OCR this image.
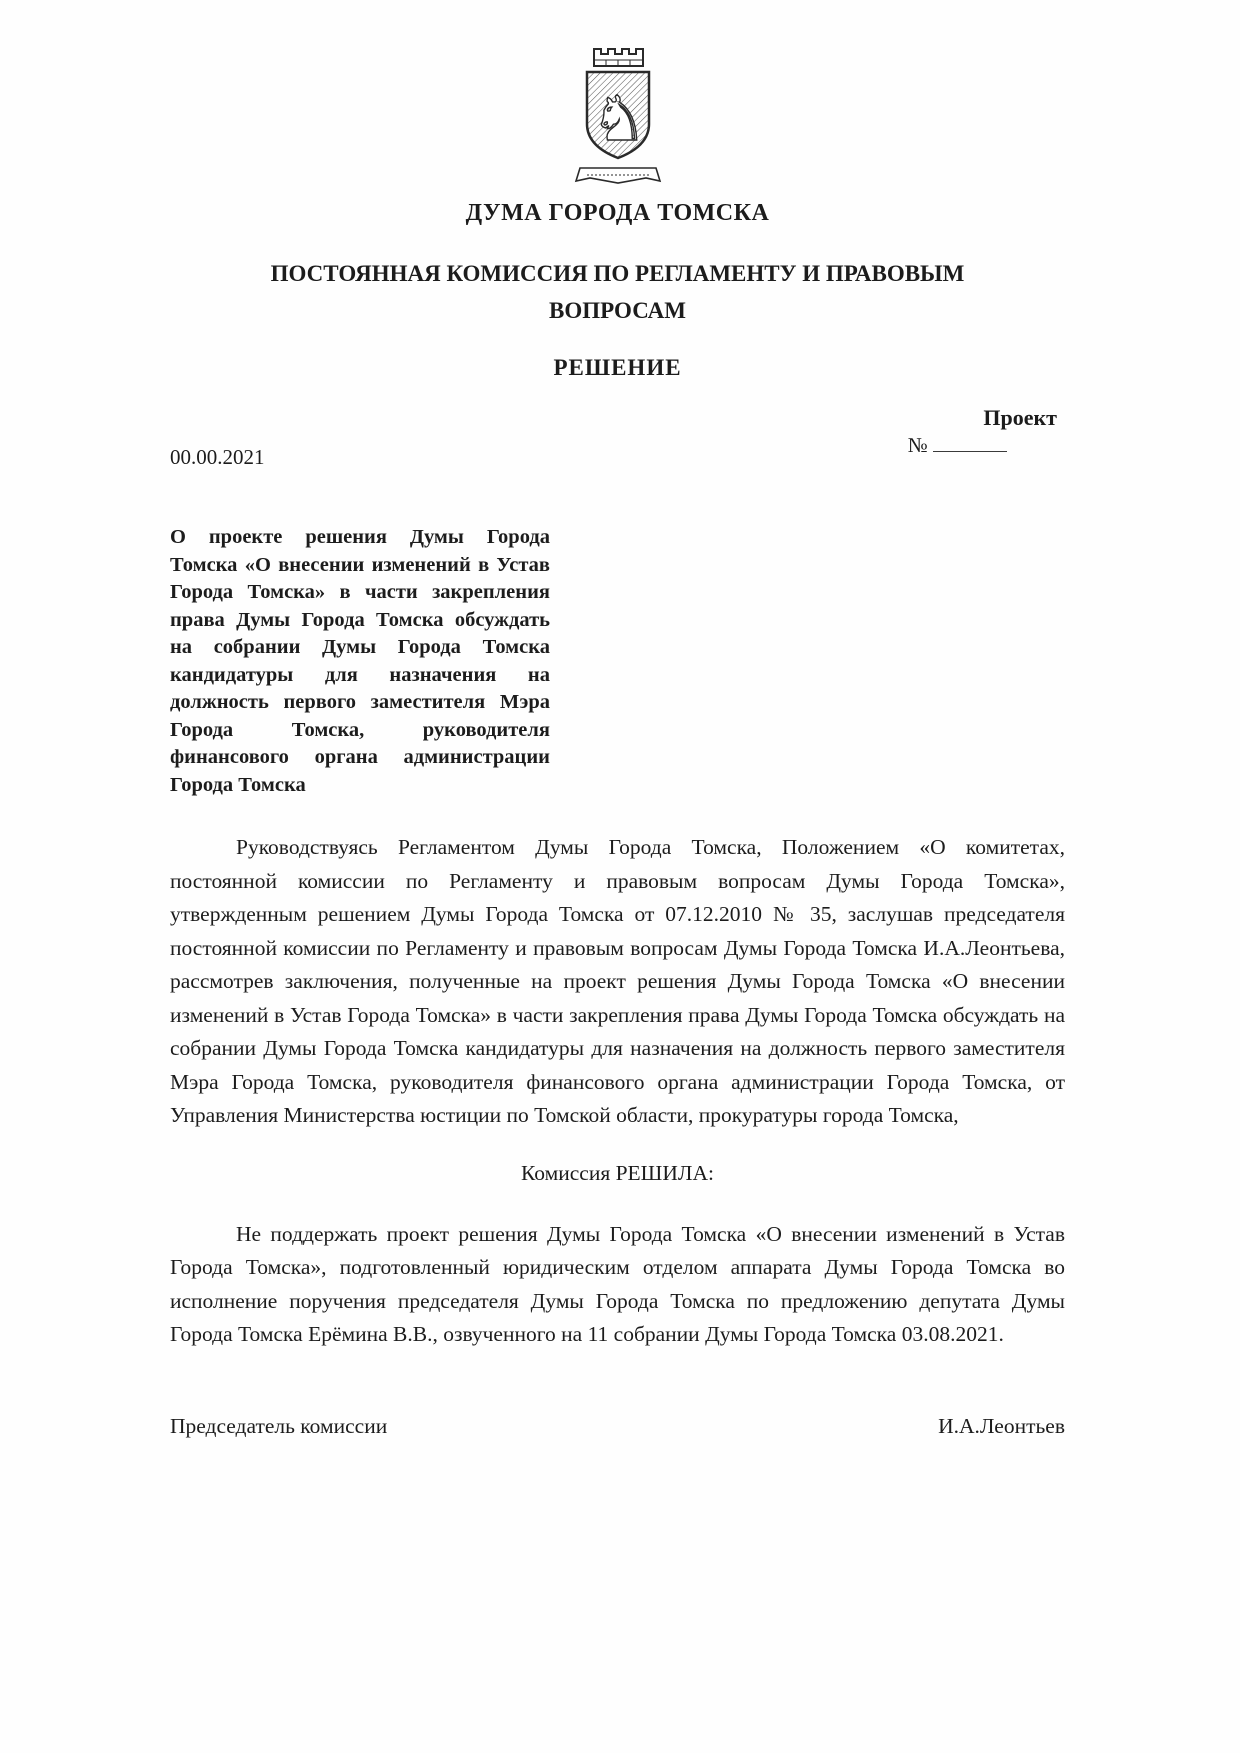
♞
ДУМА ГОРОДА ТОМСКА
ПОСТОЯННАЯ КОМИССИЯ ПО РЕГЛАМЕНТУ И ПРАВОВЫМ ВОПРОСАМ
РЕШЕНИЕ
Проект
00.00.2021	№
О проекте решения Думы Города Томска «О внесении изменений в Устав Города Томска» в части закрепления права Думы Города Томска обсуждать на собрании Думы Города Томска кандидатуры для назначения на должность первого заместителя Мэра Города Томска, руководителя финансового органа администрации Города Томска

Руководствуясь Регламентом Думы Города Томска, Положением «О комитетах, постоянной комиссии по Регламенту и правовым вопросам Думы Города Томска», утвержденным решением Думы Города Томска от 07.12.2010 № 35, заслушав председателя постоянной комиссии по Регламенту и правовым вопросам Думы Города Томска И.А.Леонтьева, рассмотрев заключения, полученные на проект решения Думы Города Томска «О внесении изменений в Устав Города Томска» в части закрепления права Думы Города Томска обсуждать на собрании Думы Города Томска кандидатуры для назначения на должность первого заместителя Мэра Города Томска, руководителя финансового органа администрации Города Томска, от Управления Министерства юстиции по Томской области, прокуратуры города Томска,

Комиссия РЕШИЛА:

Не поддержать проект решения Думы Города Томска «О внесении изменений в Устав Города Томска», подготовленный юридическим отделом аппарата Думы Города Томска во исполнение поручения председателя Думы Города Томска по предложению депутата Думы Города Томска Ерёмина В.В., озвученного на 11 собрании Думы Города Томска 03.08.2021.

Председатель комиссии	И.А.Леонтьев
